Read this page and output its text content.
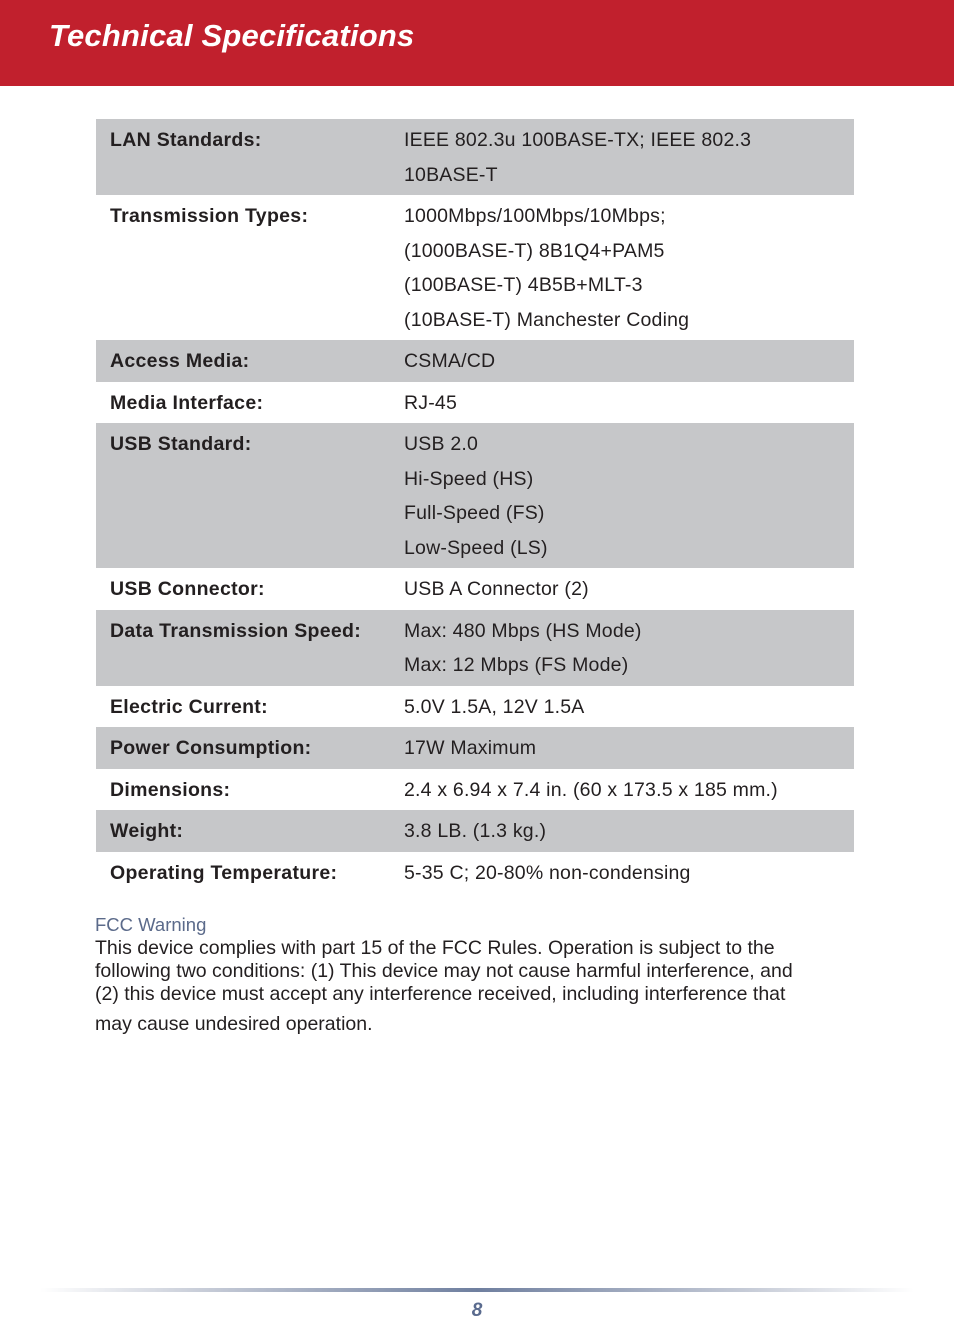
Technical Specifications
LAN Standards:	IEEE 802.3u 100BASE-TX; IEEE 802.3
10BASE-T
Transmission Types:	1000Mbps/100Mbps/10Mbps;
(1000BASE-T) 8B1Q4+PAM5
(100BASE-T) 4B5B+MLT-3
(10BASE-T) Manchester Coding
Access Media:	CSMA/CD
Media Interface:	RJ-45
USB Standard:	USB 2.0
Hi-Speed (HS)
Full-Speed (FS)
Low-Speed (LS)
USB Connector:	USB A Connector (2)
Data Transmission Speed:	Max: 480 Mbps (HS Mode)
Max: 12 Mbps (FS Mode)
Electric Current:	5.0V 1.5A, 12V 1.5A
Power Consumption:	17W Maximum
Dimensions:	2.4 x 6.94 x 7.4 in. (60 x 173.5 x 185 mm.)
Weight:	3.8 LB. (1.3 kg.)
Operating Temperature:	5-35 C; 20-80% non-condensing
FCC Warning
This device complies with part 15 of the FCC Rules. Operation is subject to the
following two conditions: (1) This device may not cause harmful interference, and
(2) this device must accept any interference received, including interference that
may cause undesired operation.
8
